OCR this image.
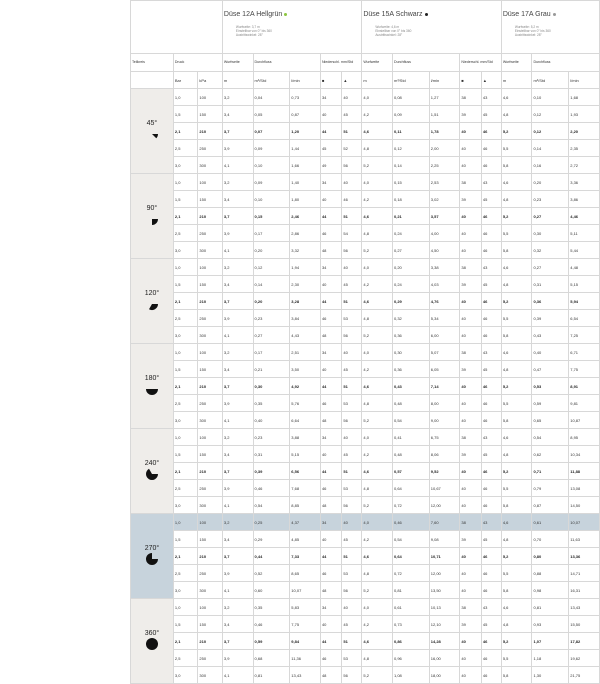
			Düse 12A Hellgrün
Wurfweite: 3,7 m
Einstellbar von 0° bis 360
Austrittswinkel: 28°					Düse 15A Schwarz
Wurfweite: 4,6 m
Einstellbar von 0° bis 360
Austrittswinkel: 28°					Düse 17A Grau
Wurfweite: 5,2 m
Einstellbar von 0° bis 360
Austrittswinkel: 28°		

Teilkreis	Druck		Wurfweite	Durchfluss		Niederschl. mm/Std		Wurfweite	Durchfluss		Niederschl. mm/Std		Wurfweite	Durchfluss	
	Bar	kPa	m	m³/Std	l/min	■	▲	m	m³/Std	l/min	■	▲	m	m³/Std	l/min

45°	1,0	100	3,2	0,04	0,73	34	40	4,0	0,08	1,27	38	43	4,6	0,10	1,68
	1,5	150	3,4	0,05	0,87	40	45	4,2	0,09	1,51	39	45	4,8	0,12	1,93
	2,1	210	3,7	0,07	1,20	44	51	4,6	0,11	1,78	40	46	5,2	0,12	2,20
	2,5	250	3,9	0,09	1,44	45	52	4,8	0,12	2,00	40	46	5,5	0,14	2,35
	3,0	300	4,1	0,10	1,66	49	56	5,2	0,14	2,25	40	46	5,8	0,16	2,72

90°	1,0	100	3,2	0,09	1,40	34	40	4,0	0,15	2,53	38	43	4,6	0,20	3,36
	1,5	150	3,4	0,10	1,80	40	46	4,2	0,18	3,02	39	45	4,8	0,23	3,86
	2,1	210	3,7	0,15	2,46	44	51	4,6	0,21	3,57	40	46	5,2	0,27	4,46
	2,5	250	3,9	0,17	2,86	46	54	4,8	0,24	4,00	40	46	5,5	0,30	5,11
	3,0	300	4,1	0,20	3,32	48	56	5,2	0,27	4,50	40	46	5,8	0,32	5,44

120°	1,0	100	3,2	0,12	1,94	34	40	4,0	0,20	3,38	38	43	4,6	0,27	4,48
	1,5	150	3,4	0,14	2,30	40	45	4,2	0,24	4,03	39	45	4,8	0,31	5,15
	2,1	210	3,7	0,20	3,28	44	51	4,6	0,29	4,76	40	46	5,2	0,36	5,94
	2,5	250	3,9	0,23	3,84	46	53	4,8	0,32	5,34	40	46	5,5	0,39	6,54
	3,0	300	4,1	0,27	4,43	48	56	5,2	0,36	6,00	40	46	5,8	0,43	7,25

180°	1,0	100	3,2	0,17	2,51	34	40	4,0	0,30	5,07	38	43	4,6	0,40	6,71
	1,5	150	3,4	0,21	3,50	40	45	4,2	0,36	6,05	39	45	4,8	0,47	7,75
	2,1	210	3,7	0,30	4,92	44	51	4,6	0,43	7,14	40	46	5,2	0,53	8,91
	2,5	250	3,9	0,35	5,76	46	53	4,8	0,48	8,00	40	46	5,5	0,59	9,81
	3,0	300	4,1	0,40	6,64	48	56	5,2	0,54	9,00	40	46	5,8	0,65	10,87

240°	1,0	100	3,2	0,23	3,88	34	40	4,0	0,41	6,75	38	43	4,6	0,54	8,95
	1,5	150	3,4	0,31	5,15	40	45	4,2	0,48	8,06	39	45	4,8	0,62	10,34
	2,1	210	3,7	0,39	6,56	44	51	4,6	0,57	9,52	40	46	5,2	0,71	11,88
	2,5	250	3,9	0,46	7,68	46	53	4,8	0,64	10,67	40	46	5,5	0,79	13,08
	3,0	300	4,1	0,54	8,85	48	56	5,2	0,72	12,00	40	46	5,8	0,87	14,50

270°	1,0	100	3,2	0,25	4,37	34	40	4,0	0,46	7,60	38	43	4,6	0,61	10,07
	1,5	150	3,4	0,29	4,85	40	45	4,2	0,54	9,08	39	45	4,8	0,70	11,63
	2,1	210	3,7	0,44	7,33	44	51	4,6	0,64	10,71	40	46	5,2	0,80	13,36
	2,5	250	3,9	0,52	8,65	46	53	4,8	0,72	12,00	40	46	5,5	0,88	14,71
	3,0	300	4,1	0,60	10,07	48	56	5,2	0,81	13,50	40	46	5,8	0,98	16,31

360°	1,0	100	3,2	0,35	5,83	34	40	4,0	0,61	10,13	38	43	4,6	0,81	13,43
	1,5	150	3,4	0,46	7,75	40	45	4,2	0,73	12,10	39	45	4,8	0,93	15,50
	2,1	210	3,7	0,59	9,84	44	51	4,6	0,86	14,28	40	46	5,2	1,07	17,82
	2,5	250	3,9	0,68	11,36	46	53	4,8	0,96	16,00	40	46	5,5	1,18	19,62
	3,0	300	4,1	0,81	13,43	48	56	5,2	1,08	18,00	40	46	5,8	1,30	21,75
